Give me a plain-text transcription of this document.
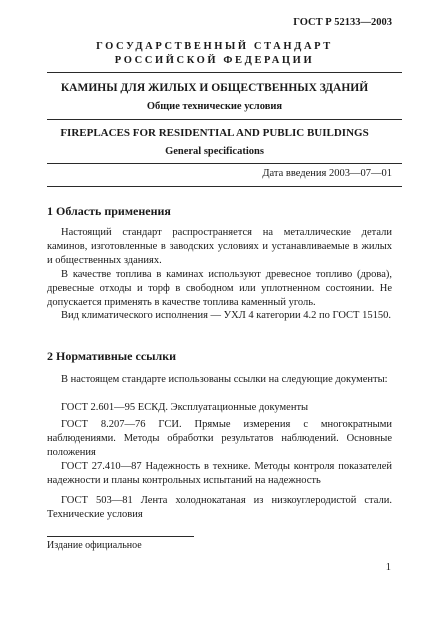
ГОСТ Р 52133—2003
ГОСУДАРСТВЕННЫЙ СТАНДАРТ
РОССИЙСКОЙ ФЕДЕРАЦИИ
КАМИНЫ ДЛЯ ЖИЛЫХ И ОБЩЕСТВЕННЫХ ЗДАНИЙ
Общие технические условия
FIREPLACES FOR RESIDENTIAL AND PUBLIC BUILDINGS
General specifications
Дата введения 2003—07—01
1 Область применения
Настоящий стандарт распространяется на металлические детали каминов, изготовленные в заводских условиях и устанавливаемые в жилых и общественных зданиях.
В качестве топлива в каминах используют древесное топливо (дрова), древесные отходы и торф в свободном или уплотненном состоянии. Не допускается применять в качестве топлива каменный уголь.
Вид климатического исполнения — УХЛ 4 категории 4.2 по ГОСТ 15150.
2 Нормативные ссылки
В настоящем стандарте использованы ссылки на следующие документы:
ГОСТ 2.601—95 ЕСКД. Эксплуатационные документы
ГОСТ 8.207—76 ГСИ. Прямые измерения с многократными наблюдениями. Методы обработки результатов наблюдений. Основные положения
ГОСТ 27.410—87 Надежность в технике. Методы контроля показателей надежности и планы контрольных испытаний на надежность
ГОСТ 503—81 Лента холоднокатаная из низкоуглеродистой стали. Технические условия
Издание официальное
1
